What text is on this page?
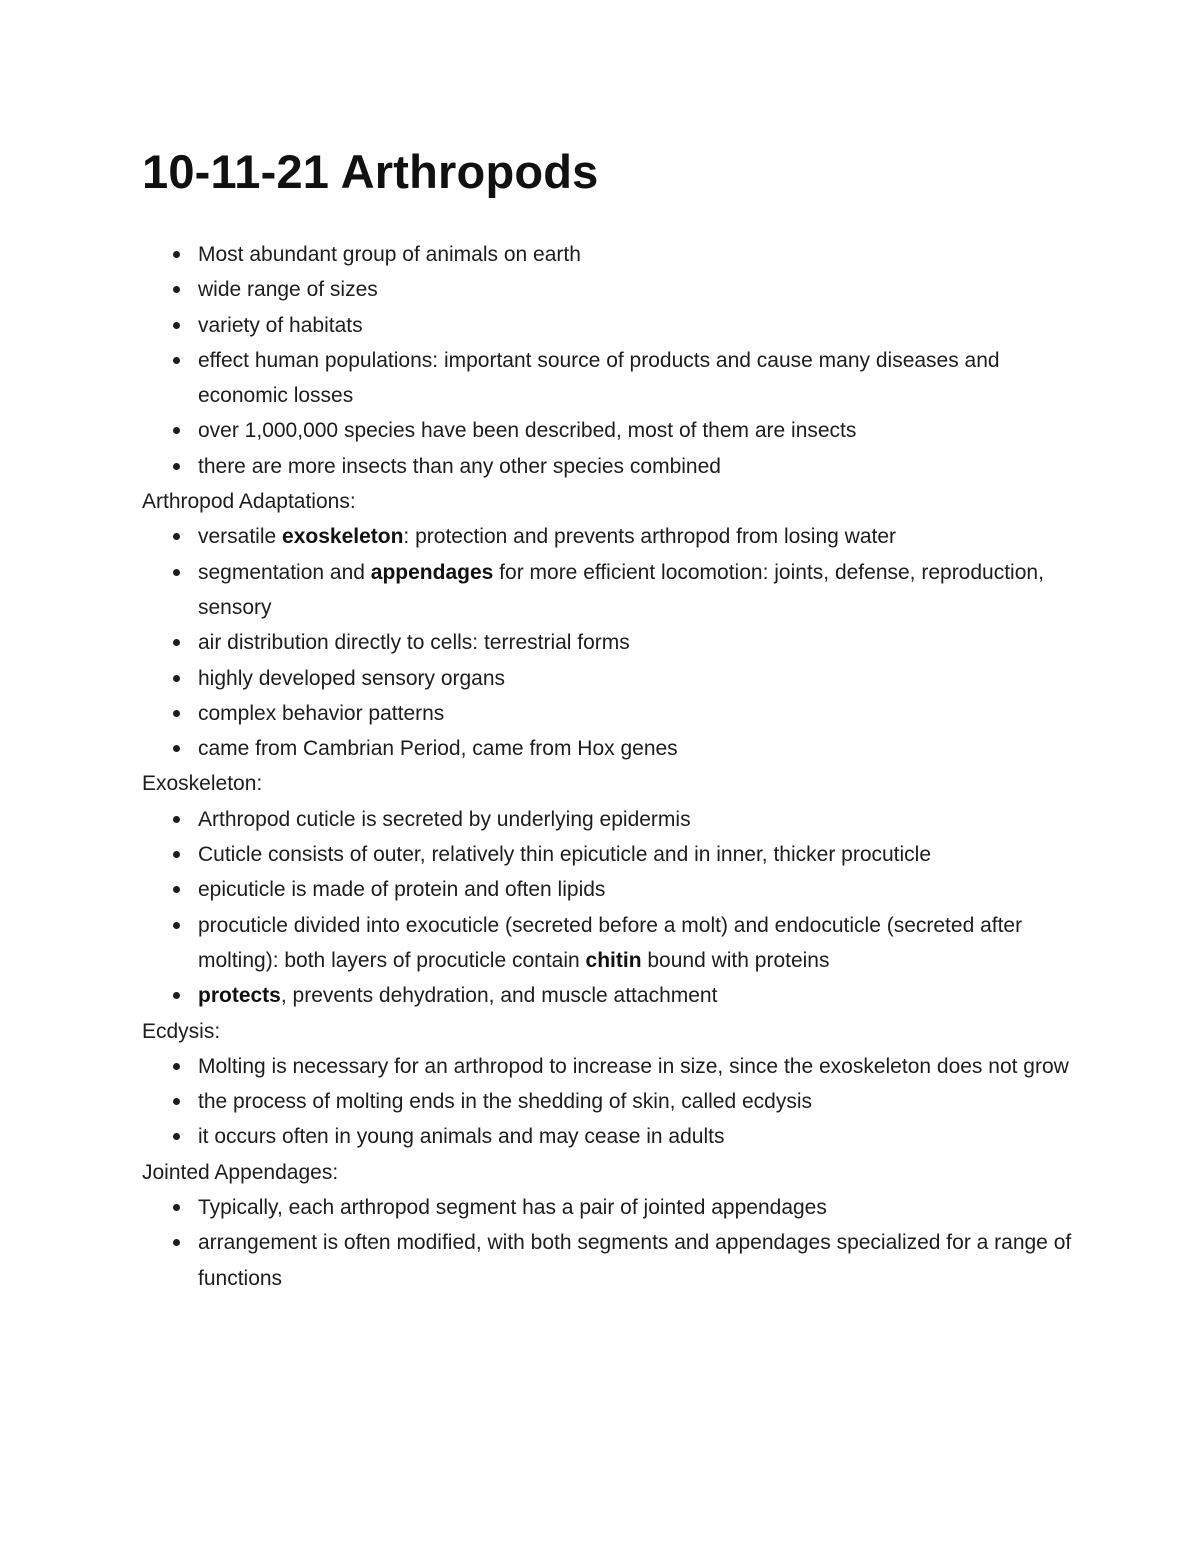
10-11-21 Arthropods
Most abundant group of animals on earth
wide range of sizes
variety of habitats
effect human populations: important source of products and cause many diseases and economic losses
over 1,000,000 species have been described, most of them are insects
there are more insects than any other species combined

Arthropod Adaptations:

versatile exoskeleton: protection and prevents arthropod from losing water
segmentation and appendages for more efficient locomotion: joints, defense, reproduction, sensory
air distribution directly to cells: terrestrial forms
highly developed sensory organs
complex behavior patterns
came from Cambrian Period, came from Hox genes

Exoskeleton:

Arthropod cuticle is secreted by underlying epidermis
Cuticle consists of outer, relatively thin epicuticle and in inner, thicker procuticle
epicuticle is made of protein and often lipids
procuticle divided into exocuticle (secreted before a molt) and endocuticle (secreted after molting): both layers of procuticle contain chitin bound with proteins
protects, prevents dehydration, and muscle attachment

Ecdysis:

Molting is necessary for an arthropod to increase in size, since the exoskeleton does not grow
the process of molting ends in the shedding of skin, called ecdysis
it occurs often in young animals and may cease in adults

Jointed Appendages:

Typically, each arthropod segment has a pair of jointed appendages
arrangement is often modified, with both segments and appendages specialized for a range of functions
